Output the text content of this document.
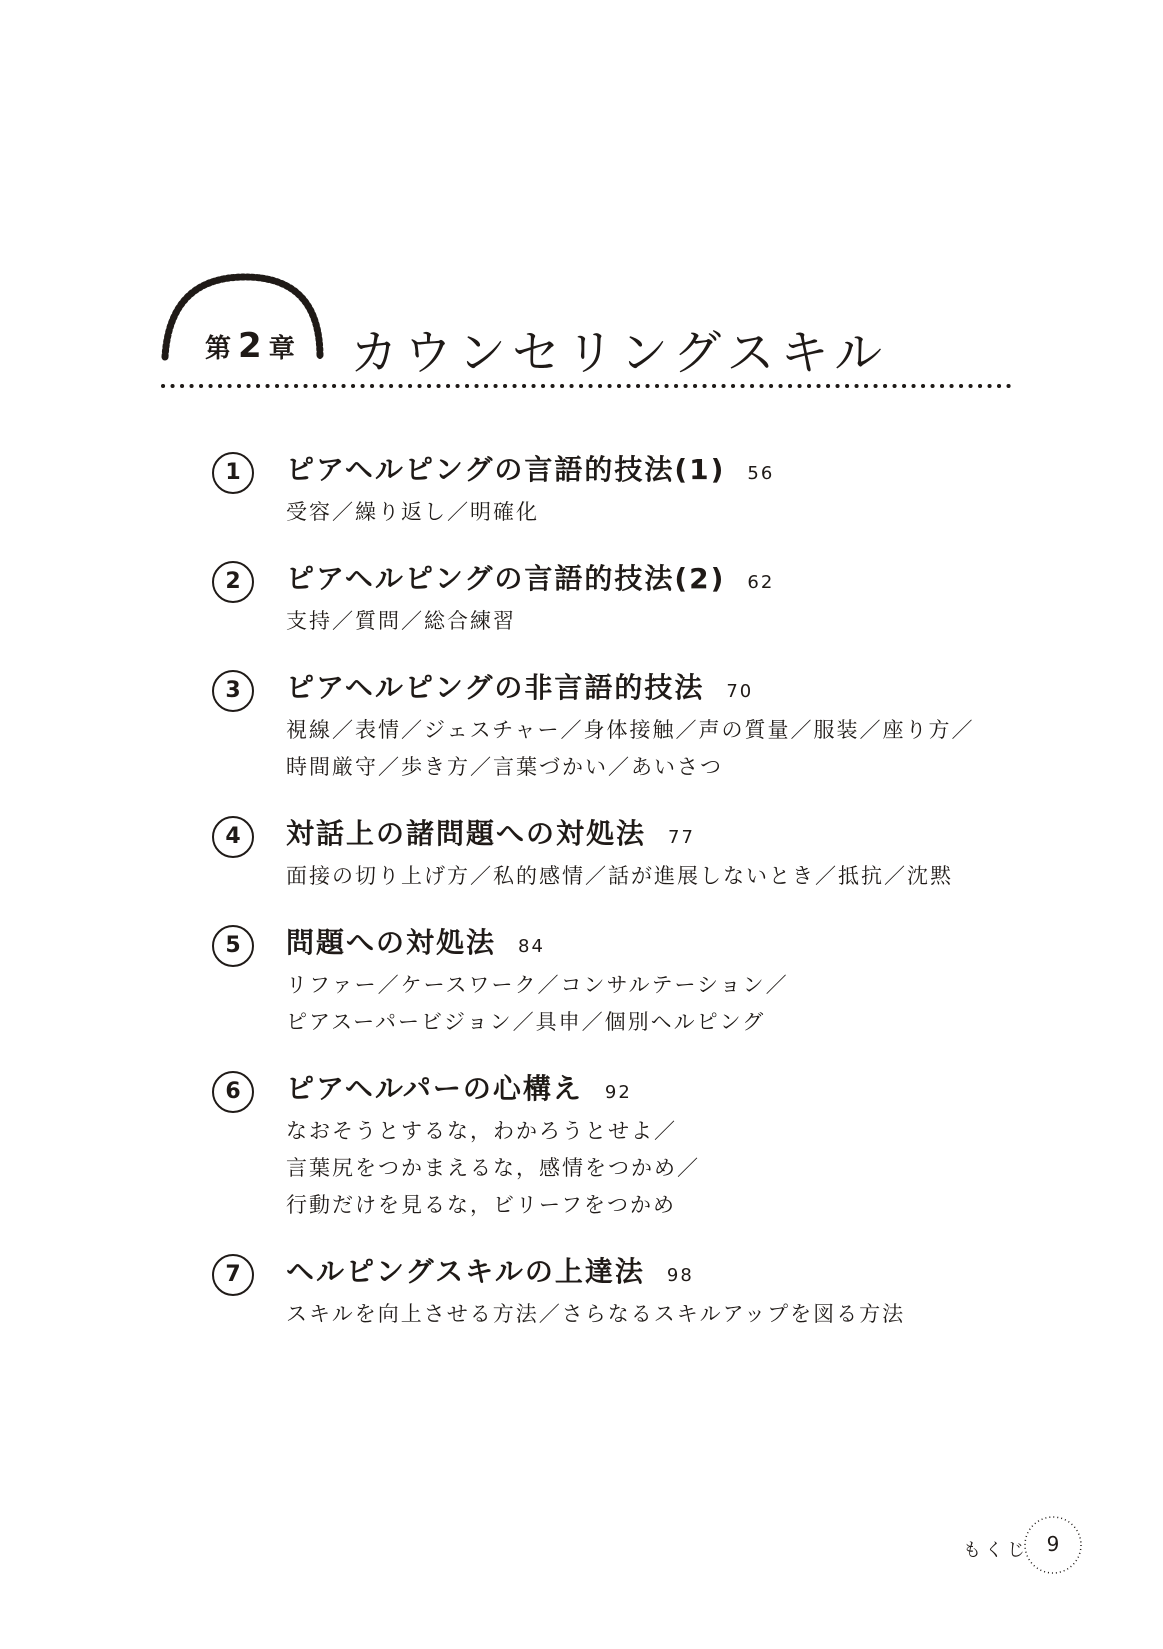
第 2 章 カウンセリングスキル
1	ピアヘルピングの言語的技法(1) 56
受容／繰り返し／明確化
2	ピアヘルピングの言語的技法(2) 62
支持／質問／総合練習
3	ピアヘルピングの非言語的技法 70
視線／表情／ジェスチャー／身体接触／声の質量／服装／座り方／
時間厳守／歩き方／言葉づかい／あいさつ
4	対話上の諸問題への対処法 77
面接の切り上げ方／私的感情／話が進展しないとき／抵抗／沈黙
5	問題への対処法 84
リファー／ケースワーク／コンサルテーション／
ピアスーパービジョン／具申／個別ヘルピング
6	ピアヘルパーの心構え 92
なおそうとするな，わかろうとせよ／
言葉尻をつかまえるな，感情をつかめ／
行動だけを見るな，ビリーフをつかめ
7	ヘルピングスキルの上達法 98
スキルを向上させる方法／さらなるスキルアップを図る方法
もくじ 9
